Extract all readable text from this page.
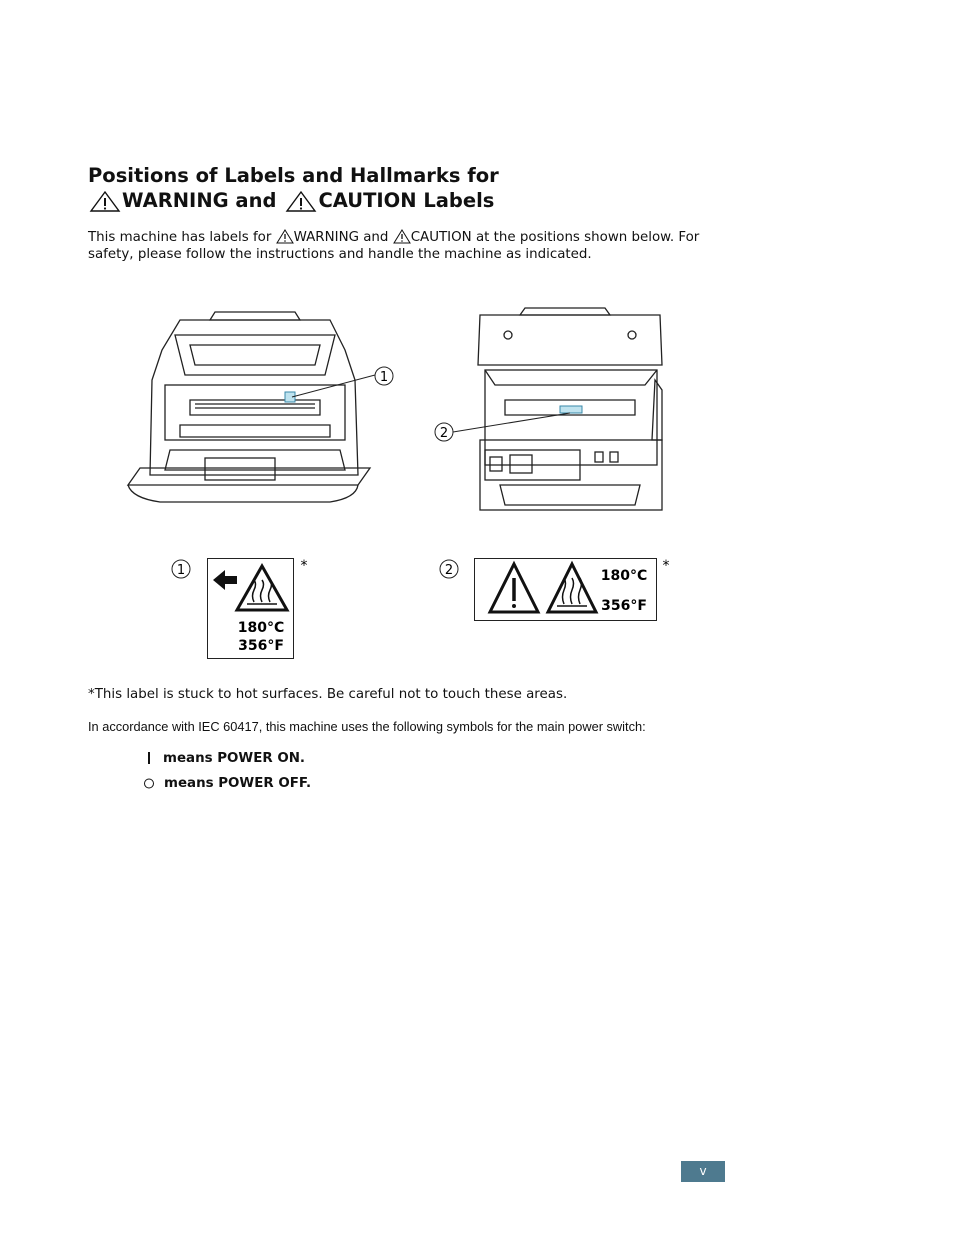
Positions of Labels and Hallmarks for
WARNING and CAUTION Labels
This machine has labels for WARNING and CAUTION at the positions shown below. For
safety, please follow the instructions and handle the machine as indicated.
1
2
1
180°C
356°F
*	2	180°C
356°F
*
*This label is stuck to hot surfaces. Be careful not to touch these areas.
In accordance with IEC 60417, this machine uses the following symbols for the main power switch:
means POWER ON.
means POWER OFF.
v
